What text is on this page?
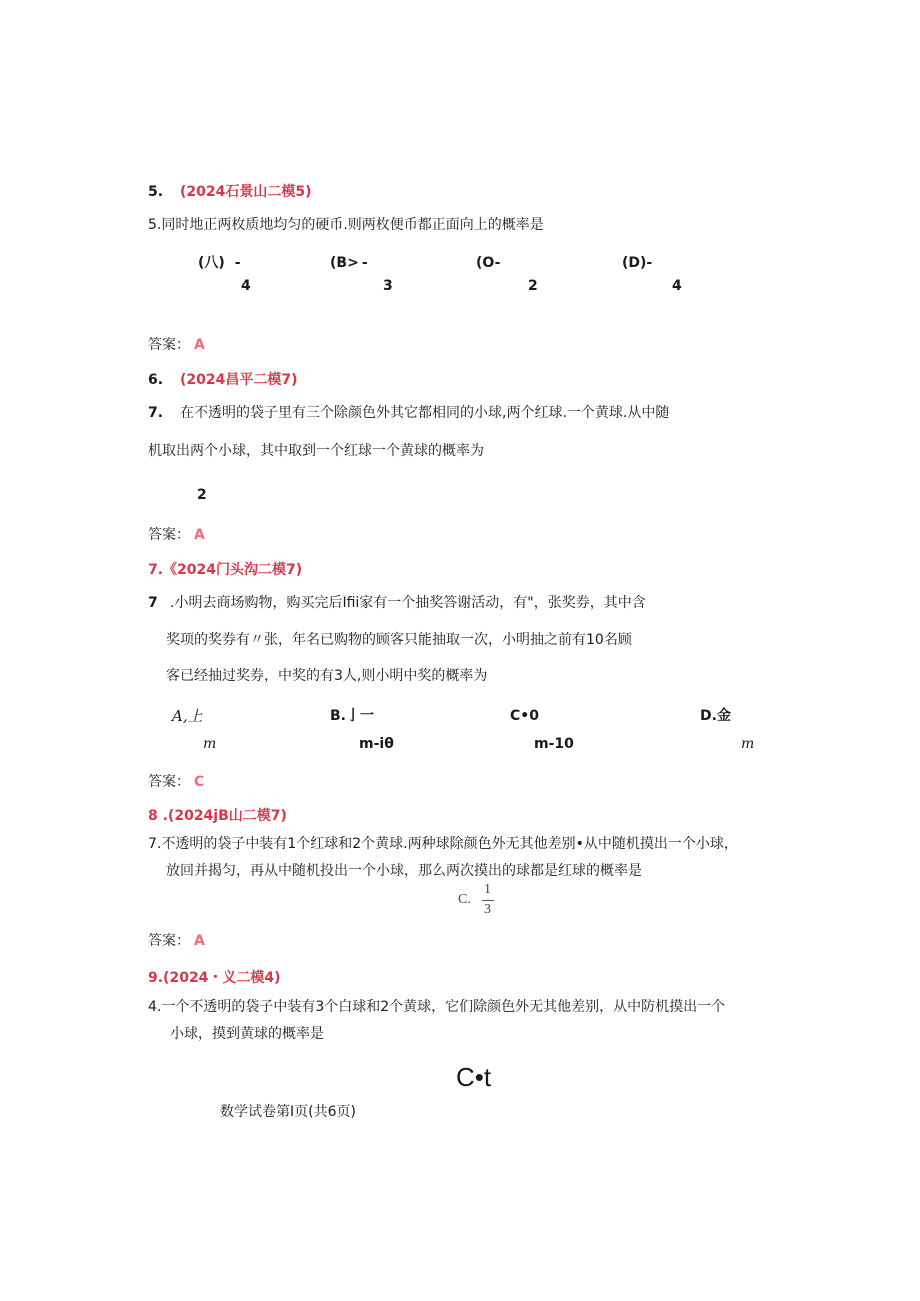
5. (2024石景山二模5)
5.同时地正两枚质地均匀的硬币.则两枚便币都正面向上的概率是
(八) -
4
(B> -
3
(O-
2
(D)-
4
答案： A
6. (2024昌平二模7)
7. 在不透明的袋子里有三个除颜色外其它都相同的小球,两个红球.一个黄球.从中随
机取出两个小球，其中取到一个红球一个黄球的概率为
2
答案： A
7.《2024门头沟二模7)
7 .小明去商场购物，购买完后Ifii家有一个抽奖答谢活动，有"，张奖券，其中含
奖项的奖券有〃张，年名已购物的顾客只能抽取一次，小明抽之前有10名顾
客已经抽过奖券，中奖的有3人,则小明中奖的概率为
A,上
m
B.亅一
m-iθ
C•0
m-10
D.金
m
答案： C
8 .(2024jB山二模7)
7.不透明的袋子中装有1个红球和2个黄球.两种球除颜色外无其他差别•从中随机摸出一个小球，
放回并揭匀，再从中随机投出一个小球，那么两次摸出的球都是红球的概率是
C.
1
3
答案： A
9.(2024・义二模4)
4.一个不透明的袋子中装有3个白球和2个黄球，它们除颜色外无其他差别，从中防机摸出一个
小球，摸到黄球的概率是
C•t
数学试卷第I页(共6页)
